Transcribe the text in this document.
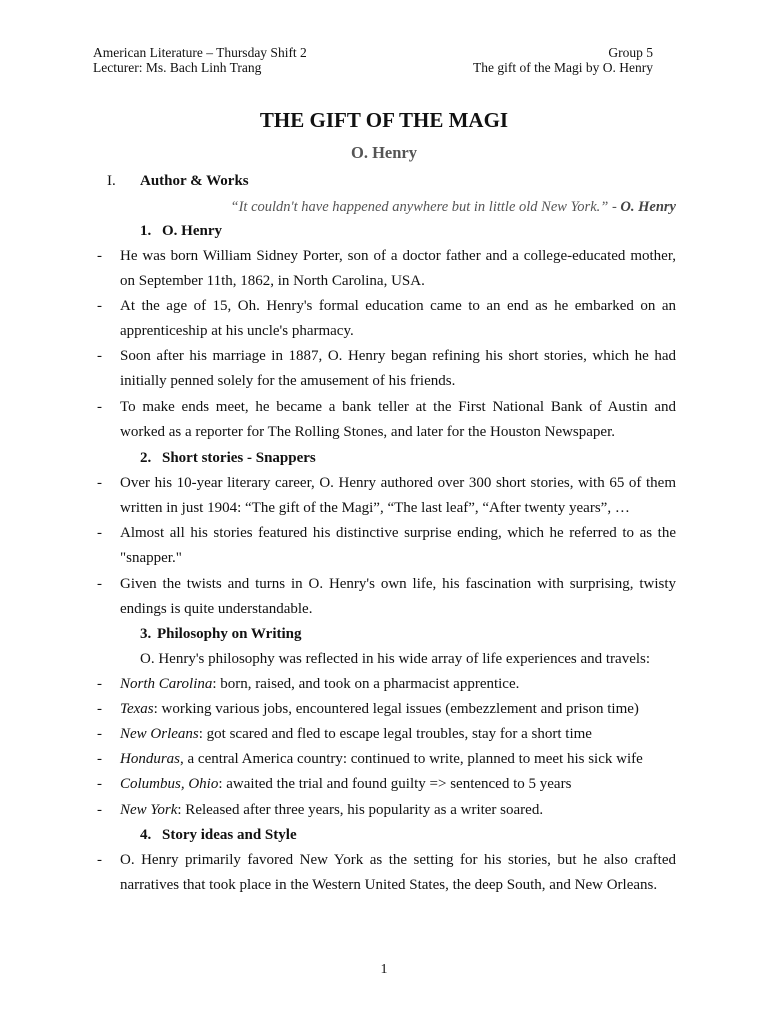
American Literature – Thursday Shift 2	Group 5
Lecturer: Ms. Bach Linh Trang	The gift of the Magi by O. Henry
THE GIFT OF THE MAGI
O. Henry
I. Author & Works
“It couldn't have happened anywhere but in little old New York.” - O. Henry
1. O. Henry
- He was born William Sidney Porter, son of a doctor father and a college-educated mother, on September 11th, 1862, in North Carolina, USA.
- At the age of 15, Oh. Henry's formal education came to an end as he embarked on an apprenticeship at his uncle's pharmacy.
- Soon after his marriage in 1887, O. Henry began refining his short stories, which he had initially penned solely for the amusement of his friends.
- To make ends meet, he became a bank teller at the First National Bank of Austin and worked as a reporter for The Rolling Stones, and later for the Houston Newspaper.
2. Short stories - Snappers
- Over his 10-year literary career, O. Henry authored over 300 short stories, with 65 of them written in just 1904: “The gift of the Magi”, “The last leaf”, “After twenty years”, …
- Almost all his stories featured his distinctive surprise ending, which he referred to as the "snapper."
- Given the twists and turns in O. Henry's own life, his fascination with surprising, twisty endings is quite understandable.
3. Philosophy on Writing
O. Henry's philosophy was reflected in his wide array of life experiences and travels:
- North Carolina: born, raised, and took on a pharmacist apprentice.
- Texas: working various jobs, encountered legal issues (embezzlement and prison time)
- New Orleans: got scared and fled to escape legal troubles, stay for a short time
- Honduras, a central America country: continued to write, planned to meet his sick wife
- Columbus, Ohio: awaited the trial and found guilty => sentenced to 5 years
- New York: Released after three years, his popularity as a writer soared.
4. Story ideas and Style
- O. Henry primarily favored New York as the setting for his stories, but he also crafted narratives that took place in the Western United States, the deep South, and New Orleans.
1
